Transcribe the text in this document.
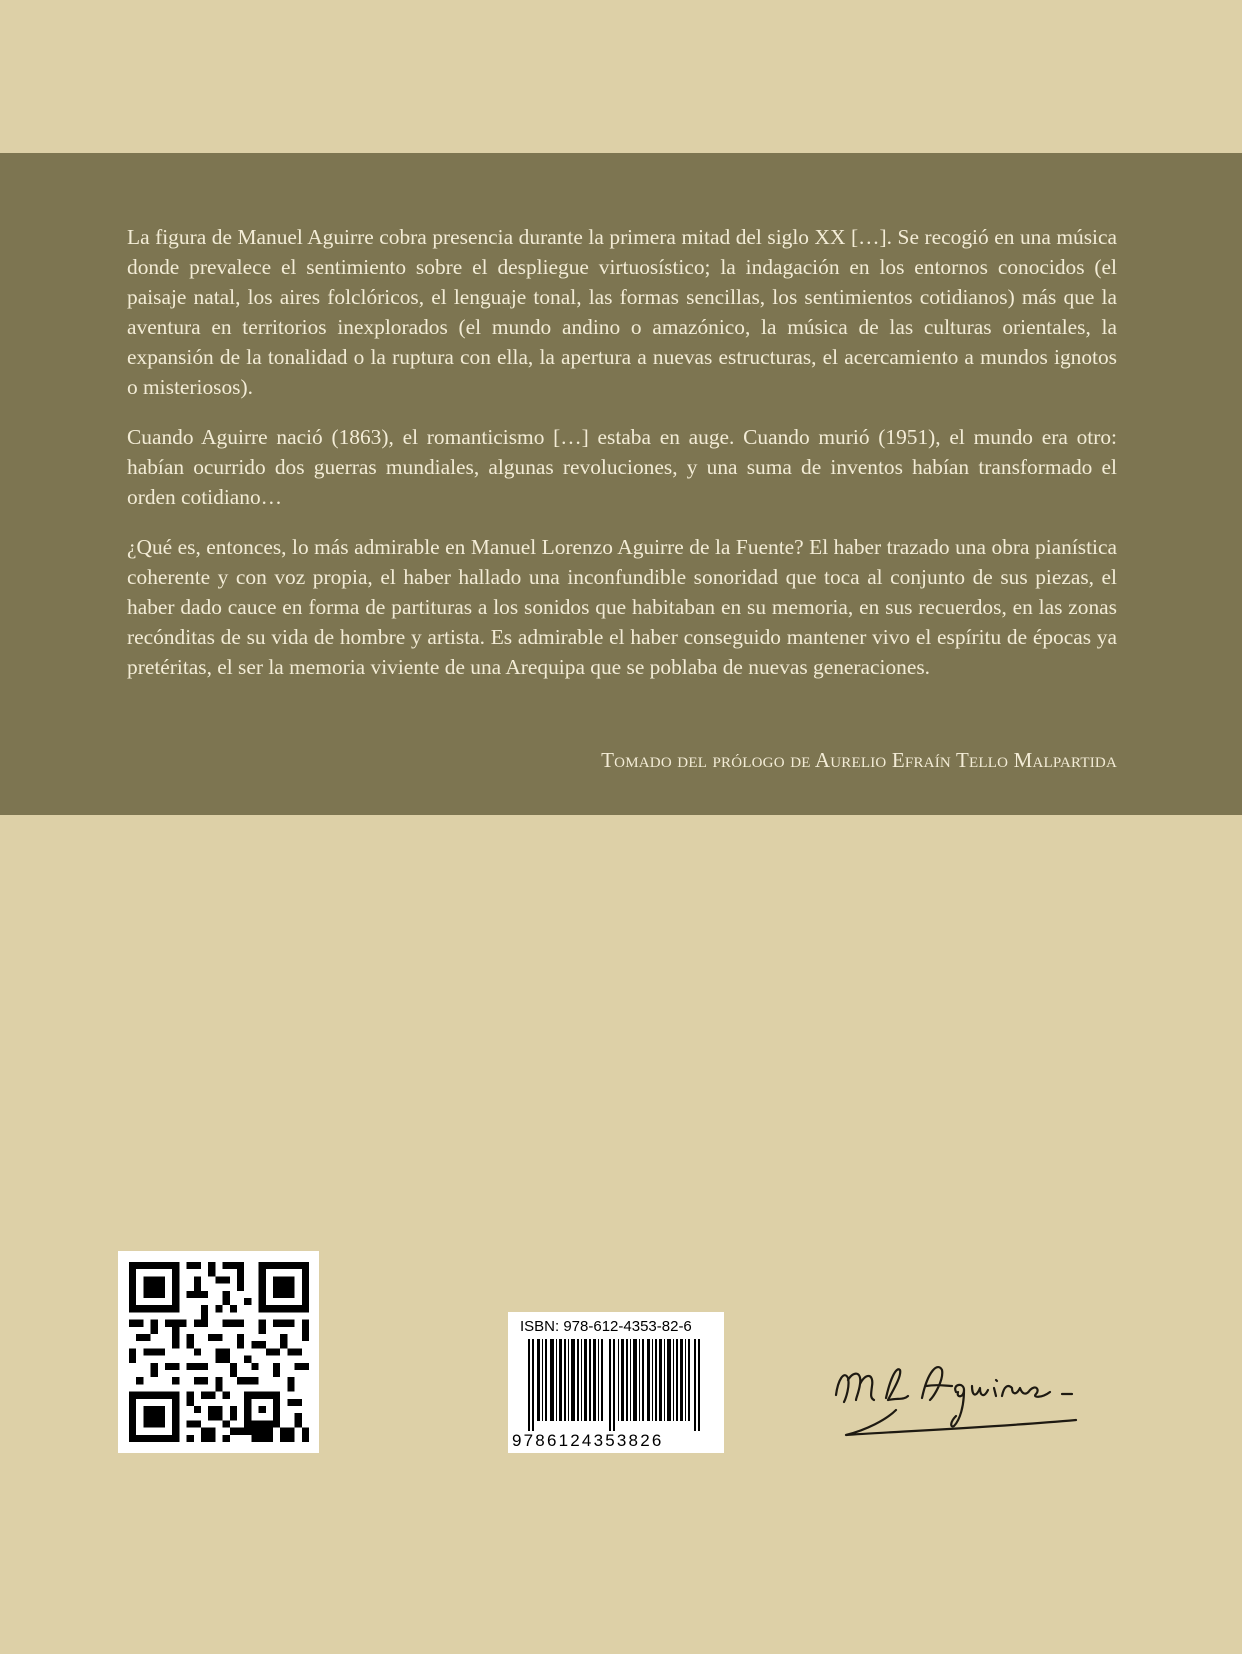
La figura de Manuel Aguirre cobra presencia durante la primera mitad del siglo XX […]. Se recogió en una música donde prevalece el sentimiento sobre el despliegue virtuosístico; la indagación en los entornos conocidos (el paisaje natal, los aires folclóricos, el lenguaje tonal, las formas sencillas, los sentimientos cotidianos) más que la aventura en territorios inexplorados (el mundo andino o amazónico, la música de las culturas orientales, la expansión de la tonalidad o la ruptura con ella, la apertura a nuevas estructuras, el acercamiento a mundos ignotos o misteriosos).

Cuando Aguirre nació (1863), el romanticismo […] estaba en auge. Cuando murió (1951), el mundo era otro: habían ocurrido dos guerras mundiales, algunas revoluciones, y una suma de inventos habían transformado el orden cotidiano…

¿Qué es, entonces, lo más admirable en Manuel Lorenzo Aguirre de la Fuente? El haber trazado una obra pianística coherente y con voz propia, el haber hallado una inconfundible sonoridad que toca al conjunto de sus piezas, el haber dado cauce en forma de partituras a los sonidos que habitaban en su memoria, en sus recuerdos, en las zonas recónditas de su vida de hombre y artista. Es admirable el haber conseguido mantener vivo el espíritu de épocas ya pretéritas, el ser la memoria viviente de una Arequipa que se poblaba de nuevas generaciones.

Tomado del prólogo de Aurelio Efraín Tello Malpartida
ISBN: 978-612-4353-82-6
9786124353826
